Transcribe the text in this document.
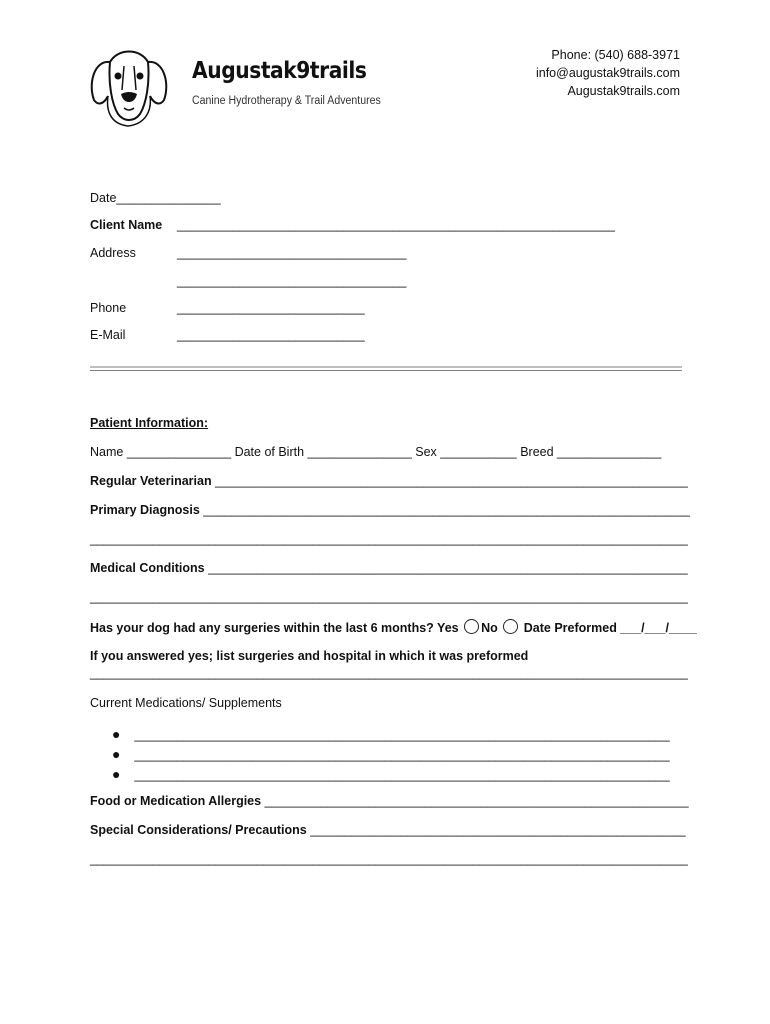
Augustak9trails
Canine Hydrotherapy & Trail Adventures
Phone: (540) 688-3971
info@augustak9trails.com
Augustak9trails.com
Date_______________
Client Name _______________________________________________________________
Address	_________________________________
_________________________________
Phone	___________________________
E-Mail	___________________________
Patient Information:
Name _______________ Date of Birth _______________ Sex ___________ Breed _______________
Regular Veterinarian ____________________________________________________________________
Primary Diagnosis ______________________________________________________________________
______________________________________________________________________________________
Medical Conditions _____________________________________________________________________
______________________________________________________________________________________
Has your dog had any surgeries within the last 6 months? Yes No Date Preformed ___/___/____
If you answered yes; list surgeries and hospital in which it was preformed
______________________________________________________________________________________
Current Medications/ Supplements
● _____________________________________________________________________________
● _____________________________________________________________________________
● _____________________________________________________________________________
Food or Medication Allergies _____________________________________________________________
Special Considerations/ Precautions ______________________________________________________
______________________________________________________________________________________
